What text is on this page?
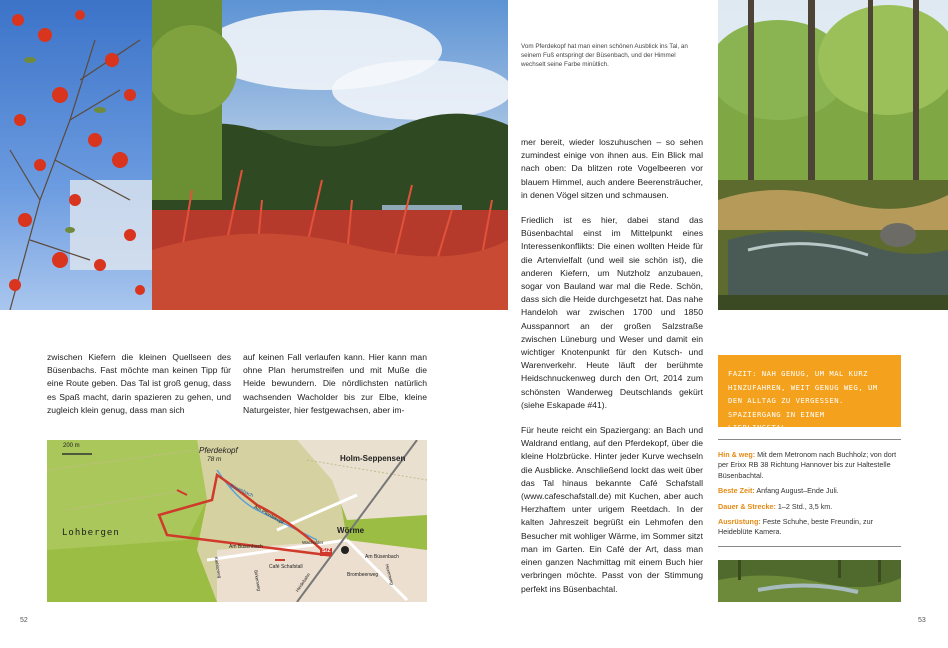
zwischen Kiefern die kleinen Quellseen des Büsenbachs. Fast möchte man keinen Tipp für eine Route geben. Das Tal ist groß genug, dass es Spaß macht, darin spazieren zu gehen, und zugleich klein genug, dass man sich
auf keinen Fall verlaufen kann. Hier kann man ohne Plan herumstreifen und mit Muße die Heide bewundern. Die nördlichsten natürlich wachsenden Wacholder bis zur Elbe, kleine Naturgeister, hier festgewachsen, aber im-
200 m	Pferdekopf
78 m	Holm-Seppensen
Lohbergen	Wörme
Büsenbach
Am Pferdekopf
Am Büsenbach
Am Büsenbach
Café Schafstall
Brombeerweg
Wacholder
Kiebitzweg
Birkenweg	Hexenweg
Heidebahn
S/Z
52
Vom Pferdekopf hat man einen schönen Ausblick ins Tal, an seinem Fuß entspringt der Büsenbach, und der Himmel wechselt seine Farbe minütlich.

mer bereit, wieder loszuhuschen – so sehen zumindest einige von ihnen aus. Ein Blick mal nach oben: Da blitzen rote Vogelbeeren vor blauem Himmel, auch andere Beerensträucher, in denen Vögel sitzen und schmausen.

Friedlich ist es hier, dabei stand das Büsenbachtal einst im Mittelpunkt eines Interessenkonflikts: Die einen wollten Heide für die Artenvielfalt (und weil sie schön ist), die anderen Kiefern, um Nutzholz anzubauen, sogar von Bauland war mal die Rede. Schön, dass sich die Heide durchgesetzt hat. Das nahe Handeloh war zwischen 1700 und 1850 Ausspannort an der großen Salzstraße zwischen Lüneburg und Weser und damit ein wichtiger Knotenpunkt für den Kutsch- und Warenverkehr. Heute läuft der berühmte Heidschnuckenweg durch den Ort, 2014 zum schönsten Wanderweg Deutschlands gekürt (siehe Eskapade #41).

Für heute reicht ein Spaziergang: an Bach und Waldrand entlang, auf den Pferdekopf, über die kleine Holzbrücke. Hinter jeder Kurve wechseln die Ausblicke. Anschließend lockt das weit über das Tal hinaus bekannte Café Schafstall (www.cafeschafstall.de) mit Kuchen, aber auch Herzhaftem unter urigem Reetdach. In der kalten Jahreszeit begrüßt ein Lehmofen den Besucher mit wohliger Wärme, im Sommer sitzt man im Garten. Ein Café der Art, dass man einen ganzen Nachmittag mit einem Buch hier verbringen möchte. Passt von der Stimmung perfekt ins Büsenbachtal.

FAZIT: NAH GENUG, UM MAL KURZ HINZUFAHREN, WEIT GENUG WEG, UM DEN ALLTAG ZU VERGESSEN. SPAZIERGANG IN EINEM LIEBLINGSTAL.
Hin & weg: Mit dem Metronom nach Buchholz; von dort per Erixx RB 38 Richtung Hannover bis zur Haltestelle Büsenbachtal.
Beste Zeit: Anfang August–Ende Juli.
Dauer & Strecke: 1–2 Std., 3,5 km.
Ausrüstung: Feste Schuhe, beste Freundin, zur Heideblüte Kamera.
53
